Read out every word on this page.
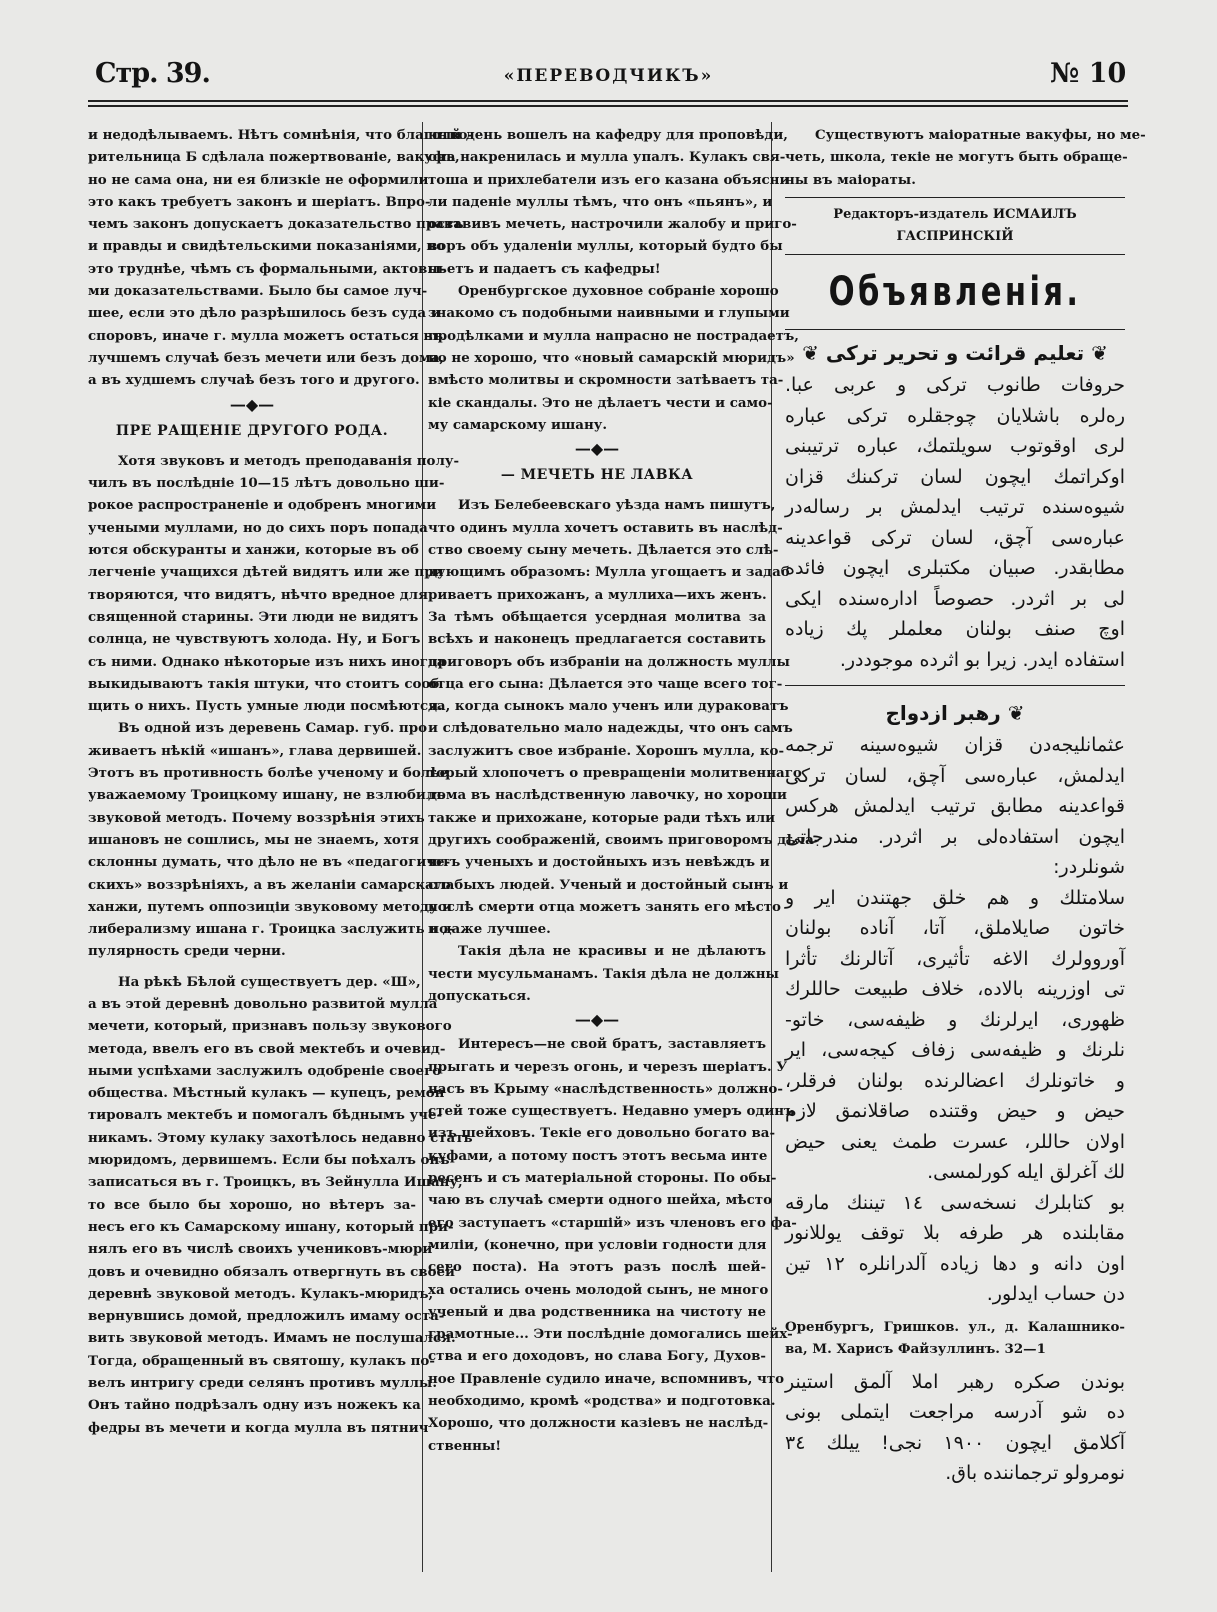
Стр. 39.	«ПЕРЕВОДЧИКЪ»	№ 10
и недодѣлываемъ. Нѣтъ сомнѣнія, что благотво-
рительница Б сдѣлала пожертвованіе, вакуфъ,
но не сама она, ни ея близкіе не оформили
это какъ требуетъ законъ и шеріатъ. Впро-
чемъ законъ допускаетъ доказательство правъ
и правды и свидѣтельскими показаніями, но
это труднѣе, чѣмъ съ формальными, актовы-
ми доказательствами. Было бы самое луч-
шее, если это дѣло разрѣшилось безъ суда и
споровъ, иначе г. мулла можетъ остаться въ
лучшемъ случаѣ безъ мечети или безъ дома,
а въ худшемъ случаѣ безъ того и другого.
—◆—
ПРЕ РАЩЕНІЕ ДРУГОГО РОДА.
Хотя звуковъ и методъ преподаванія полу-
чилъ въ послѣдніе 10—15 лѣтъ довольно ши-
рокое распространеніе и одобренъ многими
учеными муллами, но до сихъ поръ попада
ются обскуранты и ханжи, которые въ об
легченіе учащихся дѣтей видятъ или же при
творяются, что видятъ, нѣчто вредное для
священной старины. Эти люди не видятъ
солнца, не чувствуютъ холода. Ну, и Богъ
съ ними. Однако нѣкоторые изъ нихъ иногда
выкидываютъ такія штуки, что стоитъ сооб
щить о нихъ. Пусть умные люди посмѣются.
Въ одной изъ деревень Самар. губ. про
живаетъ нѣкій «ишанъ», глава дервишей.
Этотъ въ противность болѣе ученому и болѣе
уважаемому Троицкому ишану, не взлюбилъ
звуковой методъ. Почему воззрѣнія этихъ
ишановъ не сошлись, мы не знаемъ, хотя
склонны думать, что дѣло не въ «педагогиче-
скихъ» воззрѣніяхъ, а въ желаніи самарскаго
ханжи, путемъ оппозиціи звуковому методу и
либерализму ишана г. Троицка заслужить по-
пулярность среди черни.
На рѣкѣ Бѣлой существуетъ дер. «Ш»,
а въ этой деревнѣ довольно развитой мулла
мечети, который, признавъ пользу звукового
метода, ввелъ его въ свой мектебъ и очевид-
ными успѣхами заслужилъ одобреніе своего
общества. Мѣстный кулакъ — купецъ, ремон
тировалъ мектебъ и помогалъ бѣднымъ уче-
никамъ. Этому кулаку захотѣлось недавно стать
мюридомъ, дервишемъ. Если бы поѣхалъ онъ
записаться въ г. Троицкъ, въ Зейнулла Ишану,
то все было бы хорошо, но вѣтеръ за-
несъ его къ Самарскому ишану, который при-
нялъ его въ числѣ своихъ учениковъ-мюри
довъ и очевидно обязалъ отвергнуть въ своей
деревнѣ звуковой методъ. Кулакъ-мюридъ,
вернувшись домой, предложилъ имаму оста-
вить звуковой методъ. Имамъ не послушался.
Тогда, обращенный въ святошу, кулакъ по-
велъ интригу среди селянъ противъ муллы.
Онъ тайно подрѣзалъ одну изъ ножекъ ка
федры въ мечети и когда мулла въ пятнич
ный день вошелъ на кафедру для проповѣди,
она накренилась и мулла упалъ. Кулакъ свя-
тоша и прихлебатели изъ его казана объясни
ли паденіе муллы тѣмъ, что онъ «пьянъ», и
оставивъ мечеть, настрочили жалобу и приго-
воръ объ удаленіи муллы, который будто бы
пьетъ и падаетъ съ кафедры!
Оренбургское духовное собраніе хорошо
знакомо съ подобными наивными и глупыми
продѣлками и мулла напрасно не пострадаетъ,
но не хорошо, что «новый самарскій мюридъ»
вмѣсто молитвы и скромности затѣваетъ та-
кіе скандалы. Это не дѣлаетъ чести и само-
му самарскому ишану.
—◆—
— МЕЧЕТЬ НЕ ЛАВКА
Изъ Белебеевскаго уѣзда намъ пишутъ,
что одинъ мулла хочетъ оставить въ наслѣд-
ство своему сыну мечеть. Дѣлается это слѣ-
дующимъ образомъ: Мулла угощаетъ и задаб
риваетъ прихожанъ, а муллиха—ихъ женъ.
За тѣмъ обѣщается усердная молитва за
всѣхъ и наконецъ предлагается составить
приговоръ объ избраніи на должность муллы
отца его сына: Дѣлается это чаще всего тог-
да, когда сынокъ мало ученъ или дураковатъ
и слѣдовательно мало надежды, что онъ самъ
заслужитъ свое избраніе. Хорошъ мулла, ко-
торый хлопочетъ о превращеніи молитвеннаго
дома въ наслѣдственную лавочку, но хороши
также и прихожане, которые ради тѣхъ или
другихъ соображеній, своимъ приговоромъ дѣла-
ютъ ученыхъ и достойныхъ изъ невѣждъ и
слабыхъ людей. Ученый и достойный сынъ и
послѣ смерти отца можетъ занять его мѣсто
и даже лучшее.
Такія дѣла не красивы и не дѣлаютъ
чести мусульманамъ. Такія дѣла не должны
допускаться.
—◆—
Интересъ—не свой братъ, заставляетъ
прыгать и черезъ огонь, и черезъ шеріатъ. У
насъ въ Крыму «наслѣдственность» должно-
стей тоже существуетъ. Недавно умеръ одинъ
изъ шейховъ. Текіе его довольно богато ва-
куфами, а потому постъ этотъ весьма инте
ресенъ и съ матеріальной стороны. По обы-
чаю въ случаѣ смерти одного шейха, мѣсто
его заступаетъ «старшій» изъ членовъ его фа-
миліи, (конечно, при условіи годности для
сего поста). На этотъ разъ послѣ шей-
ха остались очень молодой сынъ, не много
ученый и два родственника на чистоту не
грамотные... Эти послѣдніе домогались шейх-
ства и его доходовъ, но слава Богу, Духов-
ное Правленіе судило иначе, вспомнивъ, что
необходимо, кромѣ «родства» и подготовка.
Хорошо, что должности казіевъ не наслѣд-
ственны!
Существуютъ маіоратные вакуфы, но ме-
четь, школа, текіе не могутъ быть обраще-
ны въ маіораты.
Редакторъ-издатель ИСМАИЛЪ ГАСПРИНСКІЙ
Объявленія.
❦ تعليم قرائت و تحرير تركى ❦
حروفات طانوب تركى و عربى عبا.
رەلرە باشلايان چوجقلرە تركى عبارە
لرى اوقوتوب سويلتمك، عبارە ترتيبنى
اوكراتمك ايچون لسان تركىنك قزان
شيوەسندە ترتيب ايدلمش بر رسالەدر
عبارەسى آچق، لسان تركى قواعدينە
مطابقدر. صبيان مكتبلرى ايچون فائدە
لى بر اثردر. حصوصاً ادارەسندە ايكى
اوچ صنف بولنان معلملر پك زيادە
استفادە ايدر. زيرا بو اثردە موجوددر.
❦ رهبر ازدواج
عثمانليجەدن قزان شيوەسينە ترجمە
ايدلمش، عبارەسى آچق، لسان تركى
قواعدينە مطابق ترتيب ايدلمش هركس
ايچون استفادەلى بر اثردر. مندرجاتى
شونلردر:
سلامتلك و هم خلق جهتندن اير و
خاتون صايلاملق، آتا، آنادە بولنان
آوروولرك الاغە تأثيرى، آتالرنك تأثرا
تى اوزرينە بالادە، خلاف طبيعت حاللرك
ظهورى، ايرلرنك و ظيفەسى، خاتو-
نلرنك و ظيفەسى زفاف كيجەسى، اير
و خاتونلرك اعضالرندە بولنان فرقلر،
حيض و حيض وقتندە صاقلانمق لازم
اولان حاللر، عسرت طمث يعنى حيض
لك آغرلق ايلە كورلمسى.
بو كتابلرك نسخەسى ١٤ تيننك مارقە
مقابلندە هر طرفە بلا توقف يوللانور
اون دانە و دها زيادە آلدرانلرە ١٢ تين
دن حساب ايدلور.
Оренбургъ, Гришков. ул., д. Калашнико-
ва, М. Харисъ Файзуллинъ. 32—1
بوندن صكرە رهبر املا آلمق استينر
دە شو آدرسە مراجعت ايتملى بونى
آكلامق ايچون ١٩٠٠ نجى! ييلك ٣٤
نومرولو ترجمانندە باق.
